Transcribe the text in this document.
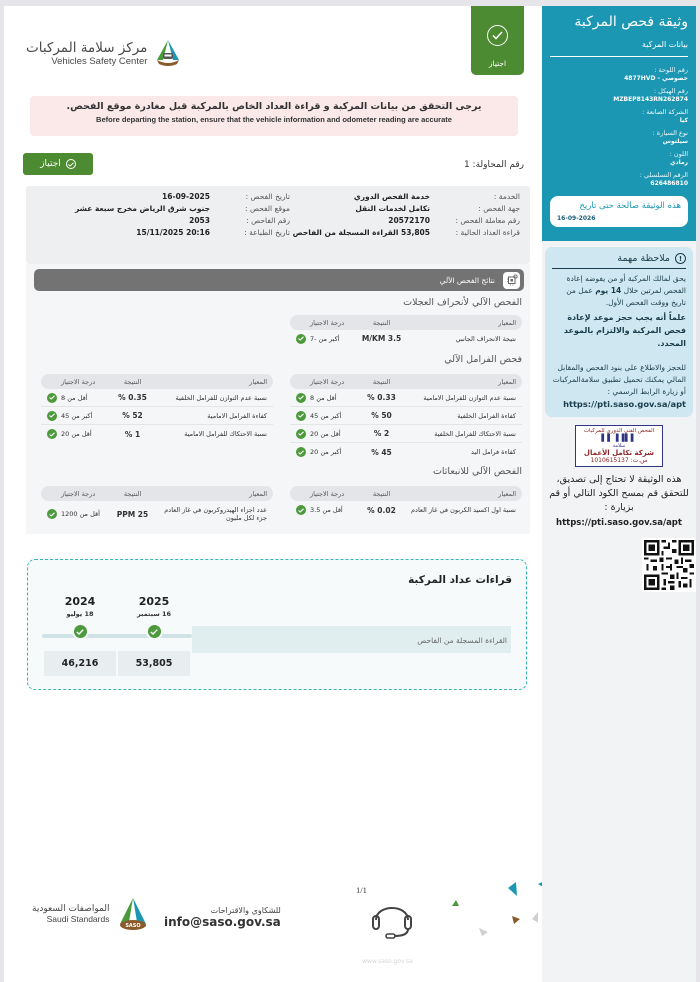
مركز سلامة المركبات
Vehicles Safety Center	اجتياز
يرجى التحقق من بيانات المركبة و قراءة العداد الخاص بالمركبة قبل مغادرة موقع الفحص.
Before departing the station, ensure that the vehicle information and odometer reading are accurate
رقم المحاولة: 1
اجتياز
الخدمة :
خدمة الفحص الدوري
تاريخ الفحص :
16-09-2025
جهة الفحص :
تكامل لخدمات النقل
موقع الفحص :
جنوب شرق الرياض مخرج سبعة عشر
رقم معاملة الفحص :
20572170
رقم الفاحص :
2053
قراءة العداد الحالية :
53,805 القراءة المسجلة من الفاحص
تاريخ الطباعة :
20:16 15/11/2025
نتائج الفحص الآلي
الفحص الآلي لأنحراف العجلات
المعيار
النتيجة
درجة الاجتياز
نتيجة الانحراف الجانبي
M/KM 3.5
أكبر من -7
فحص الفرامل الآلي
المعيار
النتيجة
درجة الاجتياز
نسبة عدم التوازن للفرامل الامامية
% 0.33
أقل من 8
كفاءة الفرامل الخلفية
% 50
أكبر من 45
نسبة الاحتكاك للفرامل الخلفية
% 2
أقل من 20
كفاءة فرامل اليد
% 45
أكبر من 20
المعيار
النتيجة
درجة الاجتياز
نسبة عدم التوازن للفرامل الخلفية
% 0.35
أقل من 8
كفاءة الفرامل الامامية
% 52
أكبر من 45
نسبة الاحتكاك للفرامل الامامية
% 1
أقل من 20
الفحص الآلي للانبعاثات
المعيار
النتيجة
درجة الاجتياز
نسبة اول اكسيد الكربون في غاز العادم
% 0.02
أقل من 3.5
المعيار
النتيجة
درجة الاجتياز
عدد اجزاء الهيدروكربون في غاز العادم جزء لكل مليون
PPM 25
أقل من 1200
قراءات عداد المركبة
القراءة المسجلة من الفاحص
2025
16 سبتمبر
2024
18 يوليو
53,805
46,216
المواصفات السعودية
Saudi Standards
SASO
للشكاوي والاقتراحات
info@saso.gov.sa
1/1
www.saso.gov.sa
وثيقة فحص المركبة
بيانات المركبة
رقم اللوحة :
خصوصي - 4877HVD
رقم الهيكل :
MZBEP8143RN262874
الشركة الصانعة :
كيا
نوع السيارة :
سيلتوس
اللون :
رمادي
الرقم التسلسلي :
626486810
هذه الوثيقة صالحة حتى تاريخ
16-09-2026
!
ملاحظة مهمة

يحق لمالك المركبة أو من يفوضه إعادة الفحص لمرتين خلال 14 يوم عمل من تاريخ ووقت الفحص الأول.

علماً أنه يجب حجز موعد لإعادة فحص المركبة والالتزام بالموعد المحدد.

للحجز والاطلاع على بنود الفحص والمقابل المالي يمكنك تحميل تطبيق سلامةالمركبات أو زيارة الرابط الرسمي :

https://pti.saso.gov.sa/apt
الفحص الفني الدوري للمركبات
▌▌▐▐▌▌
سلامة
شركة تكامل الأعمال
س.ت: 1010615137
هذه الوثيقة لا تحتاج إلى تصديق، للتحقق قم بمسح الكود التالي أو قم بزيارة :
https://pti.saso.gov.sa/apt
